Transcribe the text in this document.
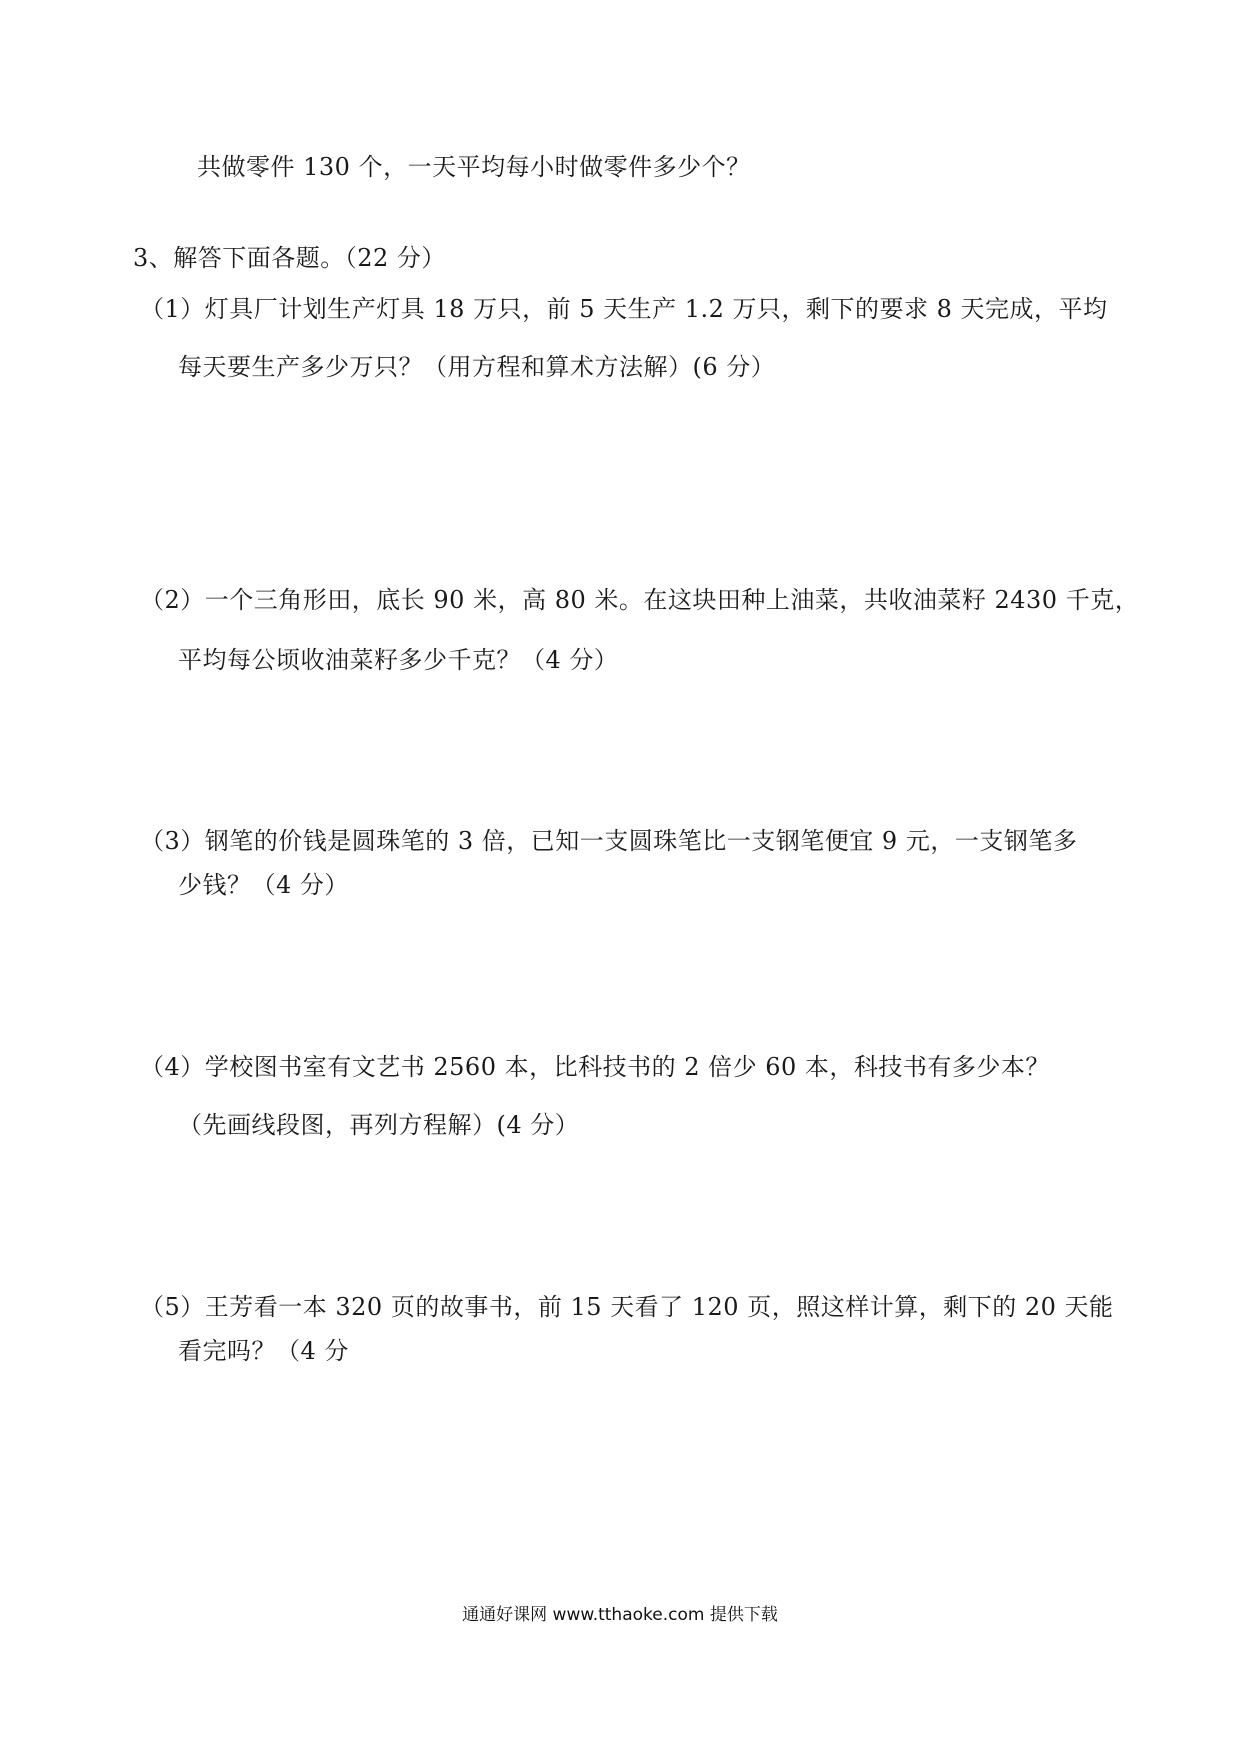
共做零件 130 个，一天平均每小时做零件多少个？
3、解答下面各题。（22 分）
（1）灯具厂计划生产灯具 18 万只，前 5 天生产 1.2 万只，剩下的要求 8 天完成，平均
每天要生产多少万只？（用方程和算术方法解）(6 分）
（2）一个三角形田，底长 90 米，高 80 米。在这块田种上油菜，共收油菜籽 2430 千克，
平均每公顷收油菜籽多少千克？（4 分）
（3）钢笔的价钱是圆珠笔的 3 倍，已知一支圆珠笔比一支钢笔便宜 9 元，一支钢笔多
少钱？（4 分）
（4）学校图书室有文艺书 2560 本，比科技书的 2 倍少 60 本，科技书有多少本？
（先画线段图，再列方程解）(4 分）
（5）王芳看一本 320 页的故事书，前 15 天看了 120 页，照这样计算，剩下的 20 天能
看完吗？（4 分
通通好课网 www.tthaoke.com 提供下载
